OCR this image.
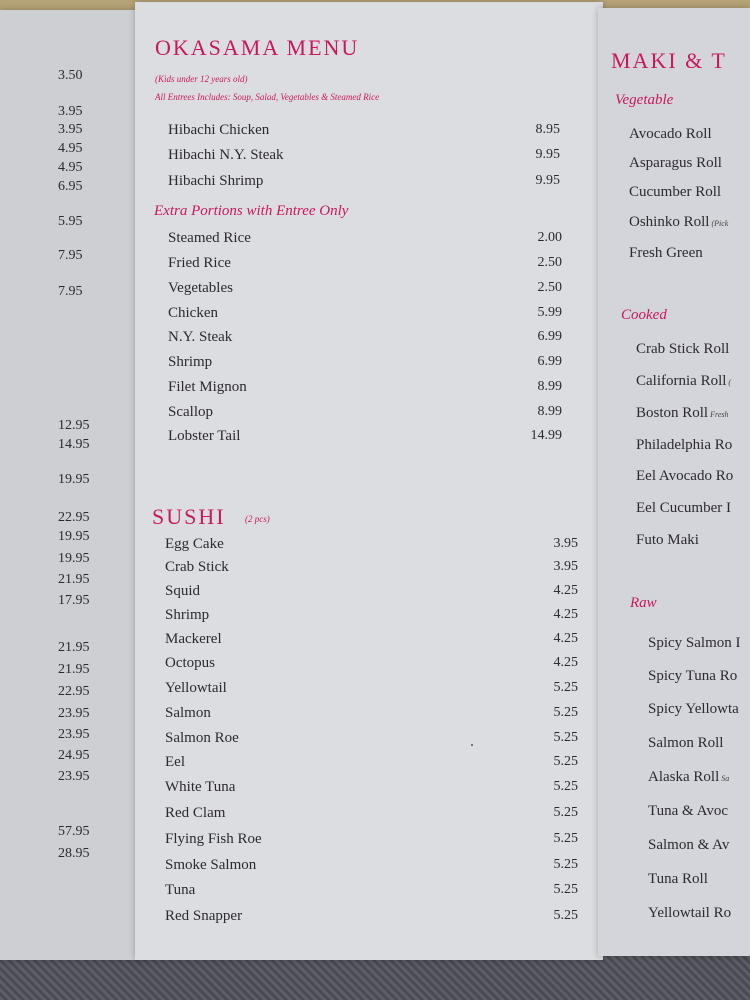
3.50
3.95
3.95
4.95
4.95
6.95
5.95
7.95
7.95
12.95
14.95
19.95
22.95
19.95
19.95
21.95
17.95
21.95
21.95
22.95
23.95
23.95
24.95
23.95
57.95
28.95
OKASAMA MENU
(Kids under 12 years old)
All Entrees Includes: Soup, Salad, Vegetables & Steamed Rice
Hibachi Chicken	8.95
Hibachi N.Y. Steak	9.95
Hibachi Shrimp	9.95
Extra Portions with Entree Only
Steamed Rice	2.00
Fried Rice	2.50
Vegetables	2.50
Chicken	5.99
N.Y. Steak	6.99
Shrimp	6.99
Filet Mignon	8.99
Scallop	8.99
Lobster Tail	14.99
SUSHI (2 pcs)
Egg Cake	3.95
Crab Stick	3.95
Squid	4.25
Shrimp	4.25
Mackerel	4.25
Octopus	4.25
Yellowtail	5.25
Salmon	5.25
Salmon Roe	5.25
Eel	5.25
White Tuna	5.25
Red Clam	5.25
Flying Fish Roe	5.25
Smoke Salmon	5.25
Tuna	5.25
Red Snapper	5.25
MAKI & T
Vegetable
Avocado Roll
Asparagus Roll
Cucumber Roll
Oshinko Roll (Pick
Fresh Green
Cooked
Crab Stick Roll
California Roll (
Boston Roll Fresh
Philadelphia Ro
Eel Avocado Ro
Eel Cucumber I
Futo Maki
Raw
Spicy Salmon I
Spicy Tuna Ro
Spicy Yellowta
Salmon Roll
Alaska Roll Sa
Tuna & Avoc
Salmon & Av
Tuna Roll
Yellowtail Ro
